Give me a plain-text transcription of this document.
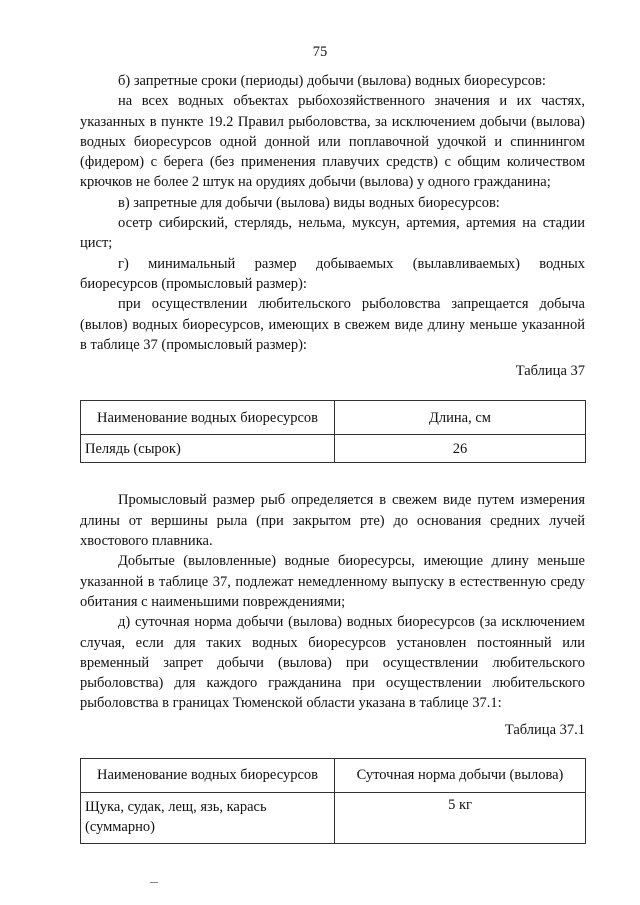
75

б) запретные сроки (периоды) добычи (вылова) водных биоресурсов:

на всех водных объектах рыбохозяйственного значения и их частях, указанных в пункте 19.2 Правил рыболовства, за исключением добычи (вылова) водных биоресурсов одной донной или поплавочной удочкой и спиннингом (фидером) с берега (без применения плавучих средств) с общим количеством крючков не более 2 штук на орудиях добычи (вылова) у одного гражданина;

в) запретные для добычи (вылова) виды водных биоресурсов:

осетр сибирский, стерлядь, нельма, муксун, артемия, артемия на стадии цист;

г) минимальный размер добываемых (вылавливаемых) водных биоресурсов (промысловый размер):

при осуществлении любительского рыболовства запрещается добыча (вылов) водных биоресурсов, имеющих в свежем виде длину меньше указанной в таблице 37 (промысловый размер):

Таблица 37

Наименование водных биоресурсов	Длина, см
Пелядь (сырок)	26

Промысловый размер рыб определяется в свежем виде путем измерения длины от вершины рыла (при закрытом рте) до основания средних лучей хвостового плавника.

Добытые (выловленные) водные биоресурсы, имеющие длину меньше указанной в таблице 37, подлежат немедленному выпуску в естественную среду обитания с наименьшими повреждениями;

д) суточная норма добычи (вылова) водных биоресурсов (за исключением случая, если для таких водных биоресурсов установлен постоянный или временный запрет добычи (вылова) при осуществлении любительского рыболовства) для каждого гражданина при осуществлении любительского рыболовства в границах Тюменской области указана в таблице 37.1:

Таблица 37.1

Наименование водных биоресурсов	Суточная норма добычи (вылова)
Щука, судак, лещ, язь, карась (суммарно)	5 кг
